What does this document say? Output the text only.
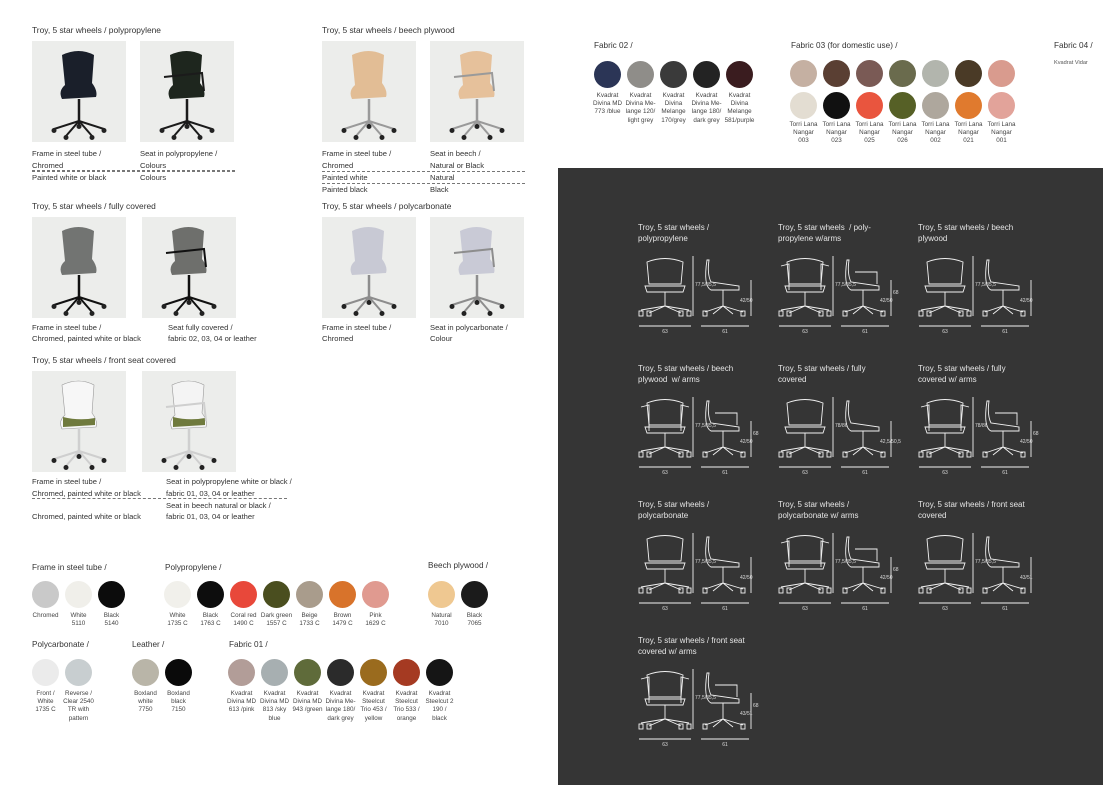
Troy, 5 star wheels /
polypropylene
63	61
77,5/85,5
42/50
Troy, 5 star wheels  / poly-
propylene w/arms
63	61
77,5/85,5
42/50
68
Troy, 5 star wheels / beech
plywood
63	61
77,5/85,5
42/50
Troy, 5 star wheels / beech
plywood  w/ arms
63	61
77,5/85,5
42/50
68
Troy, 5 star wheels / fully
covered
63	61
78/86
42,5/50,5
Troy, 5 star wheels / fully
covered w/ arms
63	61
78/86
42/50
68
Troy, 5 star wheels /
polycarbonate
63	61
77,5/85,5
42/50
Troy, 5 star wheels /
polycarbonate w/ arms
63	61
77,5/85,5
42/50
68
Troy, 5 star wheels / front seat
covered
63	61
77,5/85,5
43/51
Troy, 5 star wheels / front seat
covered w/ arms
63	61
77,5/85,5
43/51
68
Troy, 5 star wheels / polypropylene
Frame in steel tube /	Seat in polypropylene /
Chromed	Colours
Painted white or black	Colours
Troy, 5 star wheels / beech plywood
Frame in steel tube /	Seat in beech /
Chromed	Natural or Black
Painted white	Natural
Painted black	Black
Troy, 5 star wheels / fully covered
Frame in steel tube /	Seat fully covered /
Chromed, painted white or black	fabric 02, 03, 04 or leather
Troy, 5 star wheels / polycarbonate
Frame in steel tube /	Seat in polycarbonate /
Chromed	Colour
Troy, 5 star wheels / front seat covered
Frame in steel tube /	Seat in polypropylene white or black /
Chromed, painted white or black	fabric 01, 03, 04 or leather
Seat in beech natural or black /
Chromed, painted white or black	fabric 01, 03, 04 or leather
Frame in steel tube /
Chromed	White
5110
Black
5140
Polypropylene /
White
1735 C
Black
1763 C
Coral red
1490 C
Dark green
1557 C
Beige
1733 C
Brown
1479 C
Pink
1629 C
Beech plywood /
Natural
7010
Black
7065
Polycarbonate /
Front /
White
1735 C
Reverse /
Clear 2540
TR with
pattern
Leather /
Boxland
white
7750
Boxland
black
7150
Fabric 01 /
Kvadrat
Divina MD
613 /pink
Kvadrat
Divina MD
813 /sky
blue
Kvadrat
Divina MD
943 /green
Kvadrat
Divina Me-
lange 180/
dark grey
Kvadrat
Steelcut
Trio 453 /
yellow
Kvadrat
Steelcut
Trio 533 /
orange
Kvadrat
Steelcut 2
190 /
black
Fabric 02 /
Kvadrat
Divina MD
773 /blue
Kvadrat
Divina Me-
lange 120/
light grey
Kvadrat
Divina
Melange
170/grey
Kvadrat
Divina Me-
lange 180/
dark grey
Kvadrat
Divina
Melange
581/purple
Fabric 03 (for domestic use) /
Torri Lana
Nangar
003
Torri Lana
Nangar
023
Torri Lana
Nangar
025
Torri Lana
Nangar
026
Torri Lana
Nangar
002
Torri Lana
Nangar
021
Torri Lana
Nangar
001
Fabric 04 /
Kvadrat Vidar
